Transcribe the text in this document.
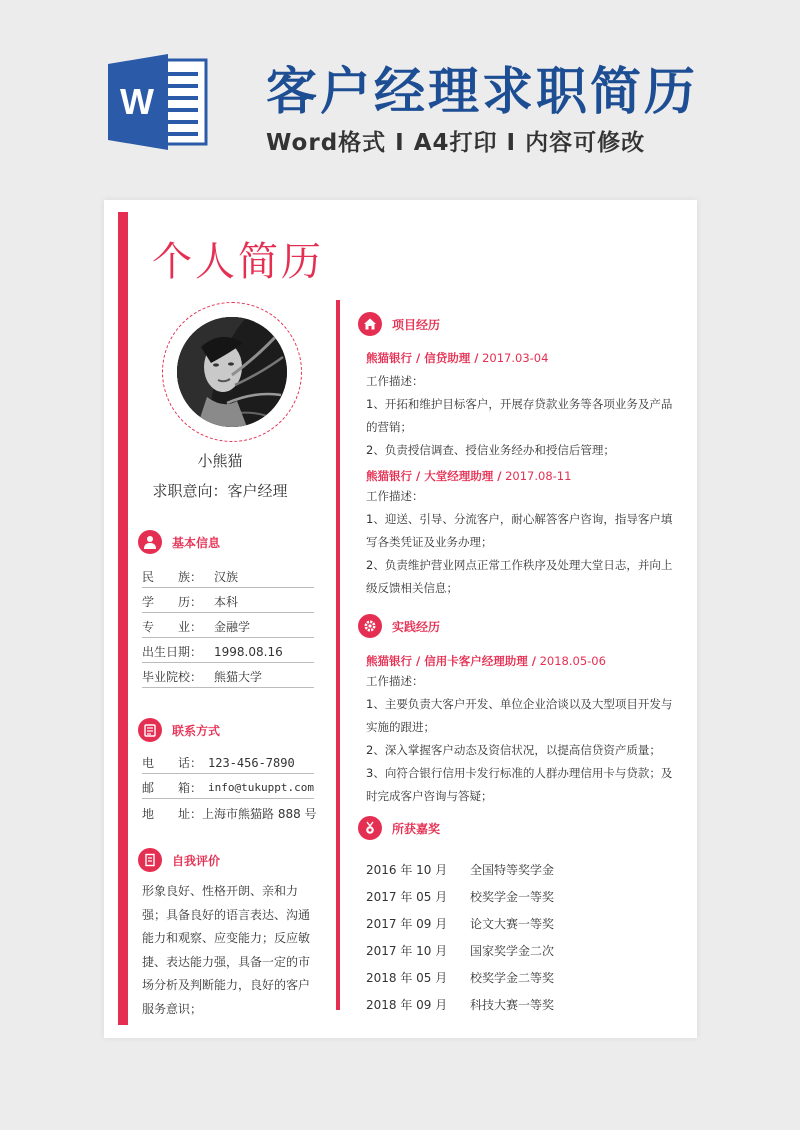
W 客户经理求职简历
Word格式 I A4打印 I 内容可修改
个人简历
小熊猫
求职意向：客户经理
基本信息
民　　族： 汉族
学　　历： 本科
专　　业： 金融学
出生日期： 1998.08.16
毕业院校： 熊猫大学
联系方式
电　　话： 123-456-7890
邮　　箱： info@tukuppt.com
地　　址： 上海市熊猫路 888 号
自我评价
形象良好、性格开朗、亲和力强；具备良好的语言表达、沟通能力和观察、应变能力；反应敏捷、表达能力强，具备一定的市场分析及判断能力，良好的客户服务意识；
项目经历
熊猫银行 / 信贷助理 / 2017.03-04
工作描述：
1、开拓和维护目标客户，开展存贷款业务等各项业务及产品的营销；
2、负责授信调查、授信业务经办和授信后管理；
熊猫银行 / 大堂经理助理 / 2017.08-11
工作描述：
1、迎送、引导、分流客户，耐心解答客户咨询，指导客户填写各类凭证及业务办理；
2、负责维护营业网点正常工作秩序及处理大堂日志，并向上级反馈相关信息；
实践经历
熊猫银行 / 信用卡客户经理助理 / 2018.05-06
工作描述：
1、主要负责大客户开发、单位企业洽谈以及大型项目开发与实施的跟进；
2、深入掌握客户动态及资信状况，以提高信贷资产质量；
3、向符合银行信用卡发行标准的人群办理信用卡与贷款；及时完成客户咨询与答疑；
所获嘉奖
2016 年 10 月 全国特等奖学金
2017 年 05 月 校奖学金一等奖
2017 年 09 月 论文大赛一等奖
2017 年 10 月 国家奖学金二次
2018 年 05 月 校奖学金二等奖
2018 年 09 月 科技大赛一等奖
